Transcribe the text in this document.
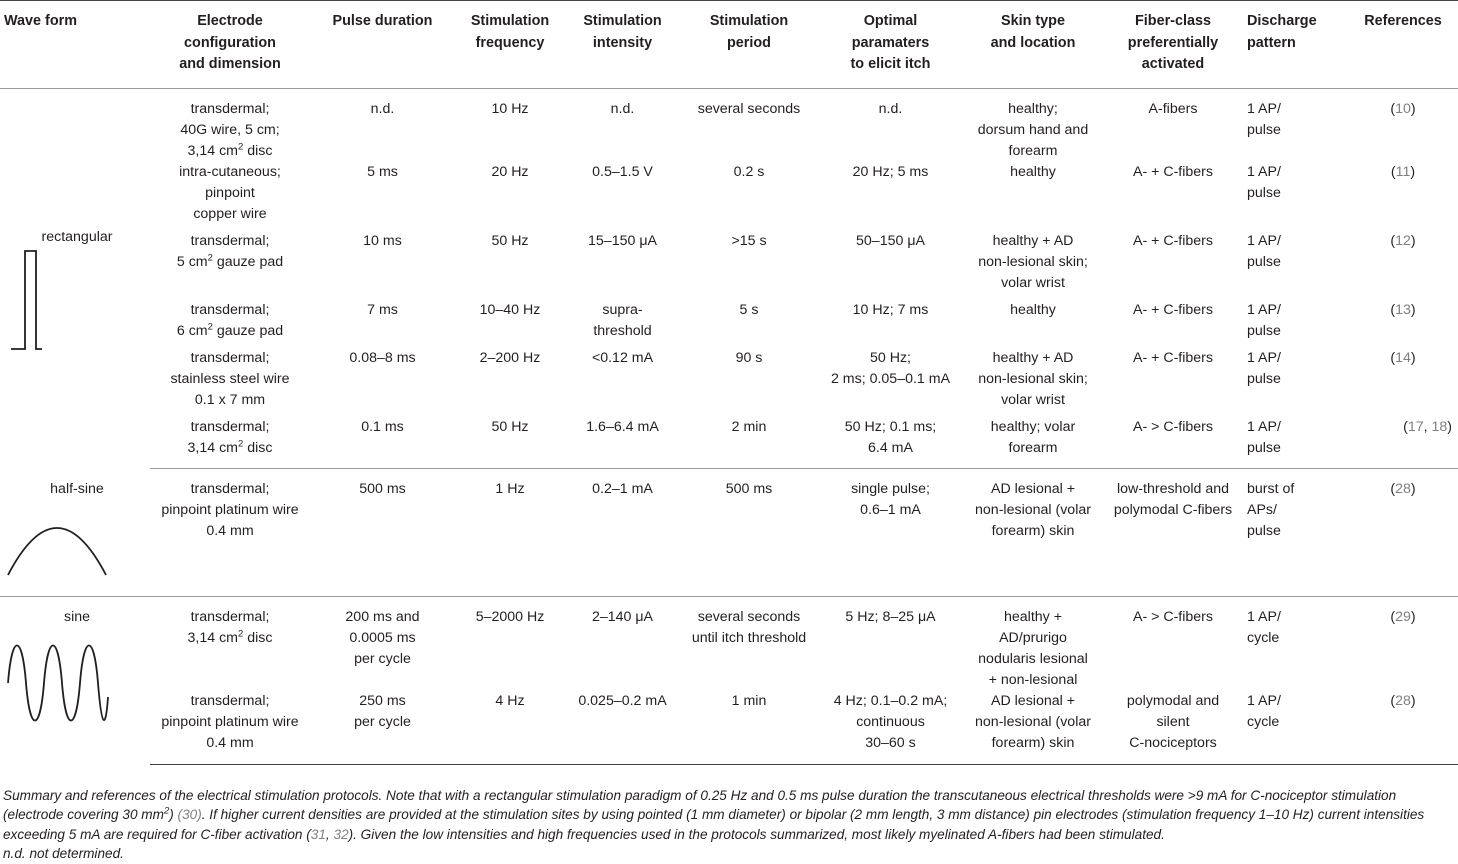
Wave form	Electrode
configuration
and dimension	Pulse duration	Stimulation
frequency	Stimulation
intensity	Stimulation
period	Optimal
paramaters
to elicit itch	Skin type
and location	Fiber-class
preferentially
activated	Discharge
pattern	References

rectangular	transdermal;
40G wire, 5 cm;
3,14 $cm^2$ disc	n.d.	10 Hz	n.d.	several seconds	n.d.	healthy;
dorsum hand and
forearm	A-fibers	1 AP/
pulse	(10)
	intra-cutaneous;
pinpoint
copper wire	5 ms	20 Hz	0.5–1.5 V	0.2 s	20 Hz; 5 ms	healthy	A- + C-fibers	1 AP/
pulse	(11)
	transdermal;
5 $cm^2$ gauze pad	10 ms	50 Hz	15–150 μA	>15 s	50–150 μA	healthy + AD
non-lesional skin;
volar wrist	A- + C-fibers	1 AP/
pulse	(12)
	transdermal;
6 $cm^2$ gauze pad	7 ms	10–40 Hz	supra-
threshold	5 s	10 Hz; 7 ms	healthy	A- + C-fibers	1 AP/
pulse	(13)
	transdermal;
stainless steel wire
0.1 x 7 mm	0.08–8 ms	2–200 Hz	<0.12 mA	90 s	50 Hz;
2 ms; 0.05–0.1 mA	healthy + AD
non-lesional skin;
volar wrist	A- + C-fibers	1 AP/
pulse	(14)
	transdermal;
3,14 $cm^2$ disc	0.1 ms	50 Hz	1.6–6.4 mA	2 min	50 Hz; 0.1 ms;
6.4 mA	healthy; volar
forearm	A- > C-fibers	1 AP/
pulse	(17, 18)

half-sine	transdermal;
pinpoint platinum wire
0.4 mm	500 ms	1 Hz	0.2–1 mA	500 ms	single pulse;
0.6–1 mA	AD lesional +
non-lesional (volar
forearm) skin	low-threshold and
polymodal C-fibers	burst of
APs/
pulse	(28)

sine	transdermal;
3,14 $cm^2$ disc	200 ms and
0.0005 ms
per cycle	5–2000 Hz	2–140 μA	several seconds
until itch threshold	5 Hz; 8–25 μA	healthy +
AD/prurigo
nodularis lesional
+ non-lesional	A- > C-fibers	1 AP/
cycle	(29)
	transdermal;
pinpoint platinum wire
0.4 mm	250 ms
per cycle	4 Hz	0.025–0.2 mA	1 min	4 Hz; 0.1–0.2 mA;
continuous
30–60 s	AD lesional +
non-lesional (volar
forearm) skin	polymodal and
silent
C-nociceptors	1 AP/
cycle	(28)
Summary and references of the electrical stimulation protocols. Note that with a rectangular stimulation paradigm of 0.25 Hz and 0.5 ms pulse duration the transcutaneous electrical thresholds were >9 mA for C-nociceptor stimulation (electrode covering 30 $mm^2$) (30). If higher current densities are provided at the stimulation sites by using pointed (1 mm diameter) or bipolar (2 mm length, 3 mm distance) pin electrodes (stimulation frequency 1–10 Hz) current intensities exceeding 5 mA are required for C-fiber activation (31, 32). Given the low intensities and high frequencies used in the protocols summarized, most likely myelinated A-fibers had been stimulated.
n.d. not determined.
